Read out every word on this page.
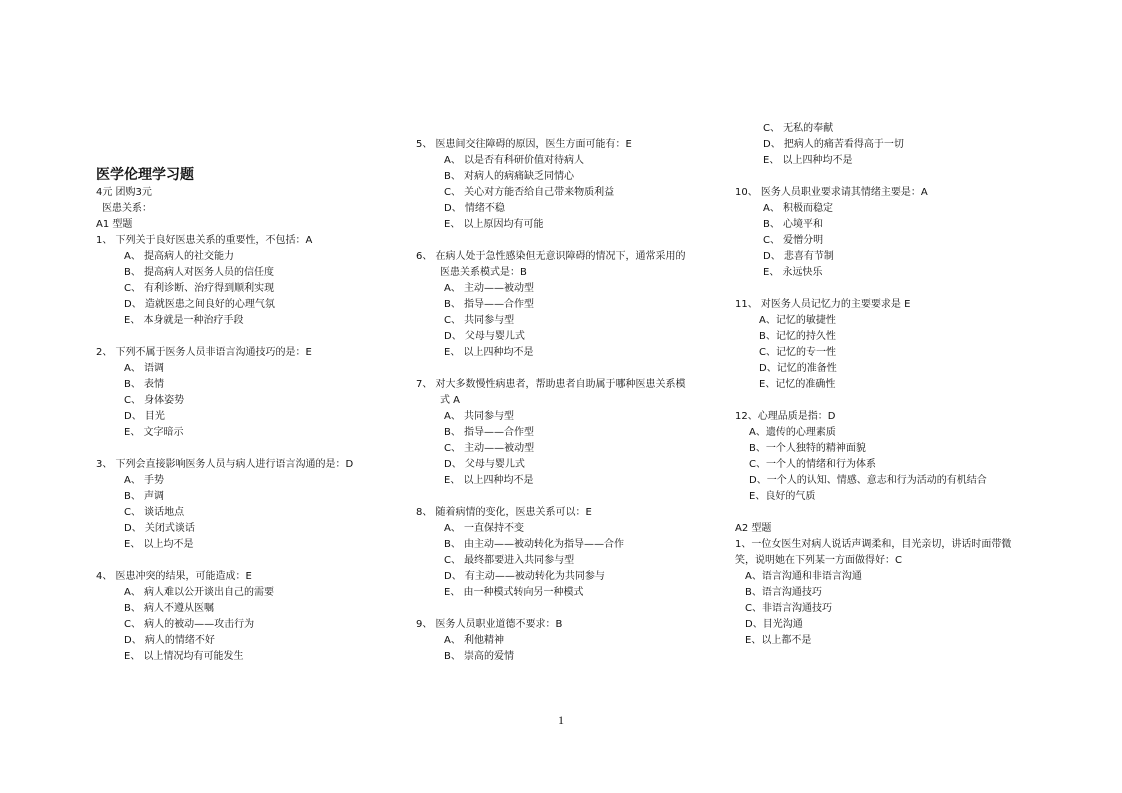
医学伦理学习题
4元 团购3元
医患关系：
A1 型题
1、 下列关于良好医患关系的重要性，不包括：A
A、 提高病人的社交能力
B、 提高病人对医务人员的信任度
C、 有利诊断、治疗得到顺利实现
D、 造就医患之间良好的心理气氛
E、 本身就是一种治疗手段
2、 下列不属于医务人员非语言沟通技巧的是：E
A、 语调
B、 表情
C、 身体姿势
D、 目光
E、 文字暗示
3、 下列会直接影响医务人员与病人进行语言沟通的是：D
A、 手势
B、 声调
C、 谈话地点
D、 关闭式谈话
E、 以上均不是
4、 医患冲突的结果，可能造成：E
A、 病人难以公开谈出自己的需要
B、 病人不遵从医嘱
C、 病人的被动——攻击行为
D、 病人的情绪不好
E、 以上情况均有可能发生
5、 医患间交往障碍的原因，医生方面可能有：E
A、 以是否有科研价值对待病人
B、 对病人的病痛缺乏同情心
C、 关心对方能否给自己带来物质利益
D、 情绪不稳
E、 以上原因均有可能
6、 在病人处于急性感染但无意识障碍的情况下，通常采用的
医患关系模式是：B
A、 主动——被动型
B、 指导——合作型
C、 共同参与型
D、 父母与婴儿式
E、 以上四种均不是
7、 对大多数慢性病患者，帮助患者自助属于哪种医患关系模
式 A
A、 共同参与型
B、 指导——合作型
C、 主动——被动型
D、 父母与婴儿式
E、 以上四种均不是
8、 随着病情的变化，医患关系可以：E
A、 一直保持不变
B、 由主动——被动转化为指导——合作
C、 最终都要进入共同参与型
D、 有主动——被动转化为共同参与
E、 由一种模式转向另一种模式
9、 医务人员职业道德不要求：B
A、 利他精神
B、 崇高的爱情
C、 无私的奉献
D、 把病人的痛苦看得高于一切
E、 以上四种均不是
10、 医务人员职业要求请其情绪主要是：A
A、 积极而稳定
B、 心境平和
C、 爱憎分明
D、 悲喜有节制
E、 永远快乐
11、 对医务人员记忆力的主要要求是 E
A、记忆的敏捷性
B、记忆的持久性
C、记忆的专一性
D、记忆的准备性
E、记忆的准确性
12、心理品质是指：D
A、遗传的心理素质
B、一个人独特的精神面貌
C、一个人的情绪和行为体系
D、一个人的认知、情感、意志和行为活动的有机结合
E、良好的气质
A2 型题
1、一位女医生对病人说话声调柔和，目光亲切，讲话时面带微
笑，说明她在下列某一方面做得好：C
A、语言沟通和非语言沟通
B、语言沟通技巧
C、非语言沟通技巧
D、目光沟通
E、以上都不是
1
